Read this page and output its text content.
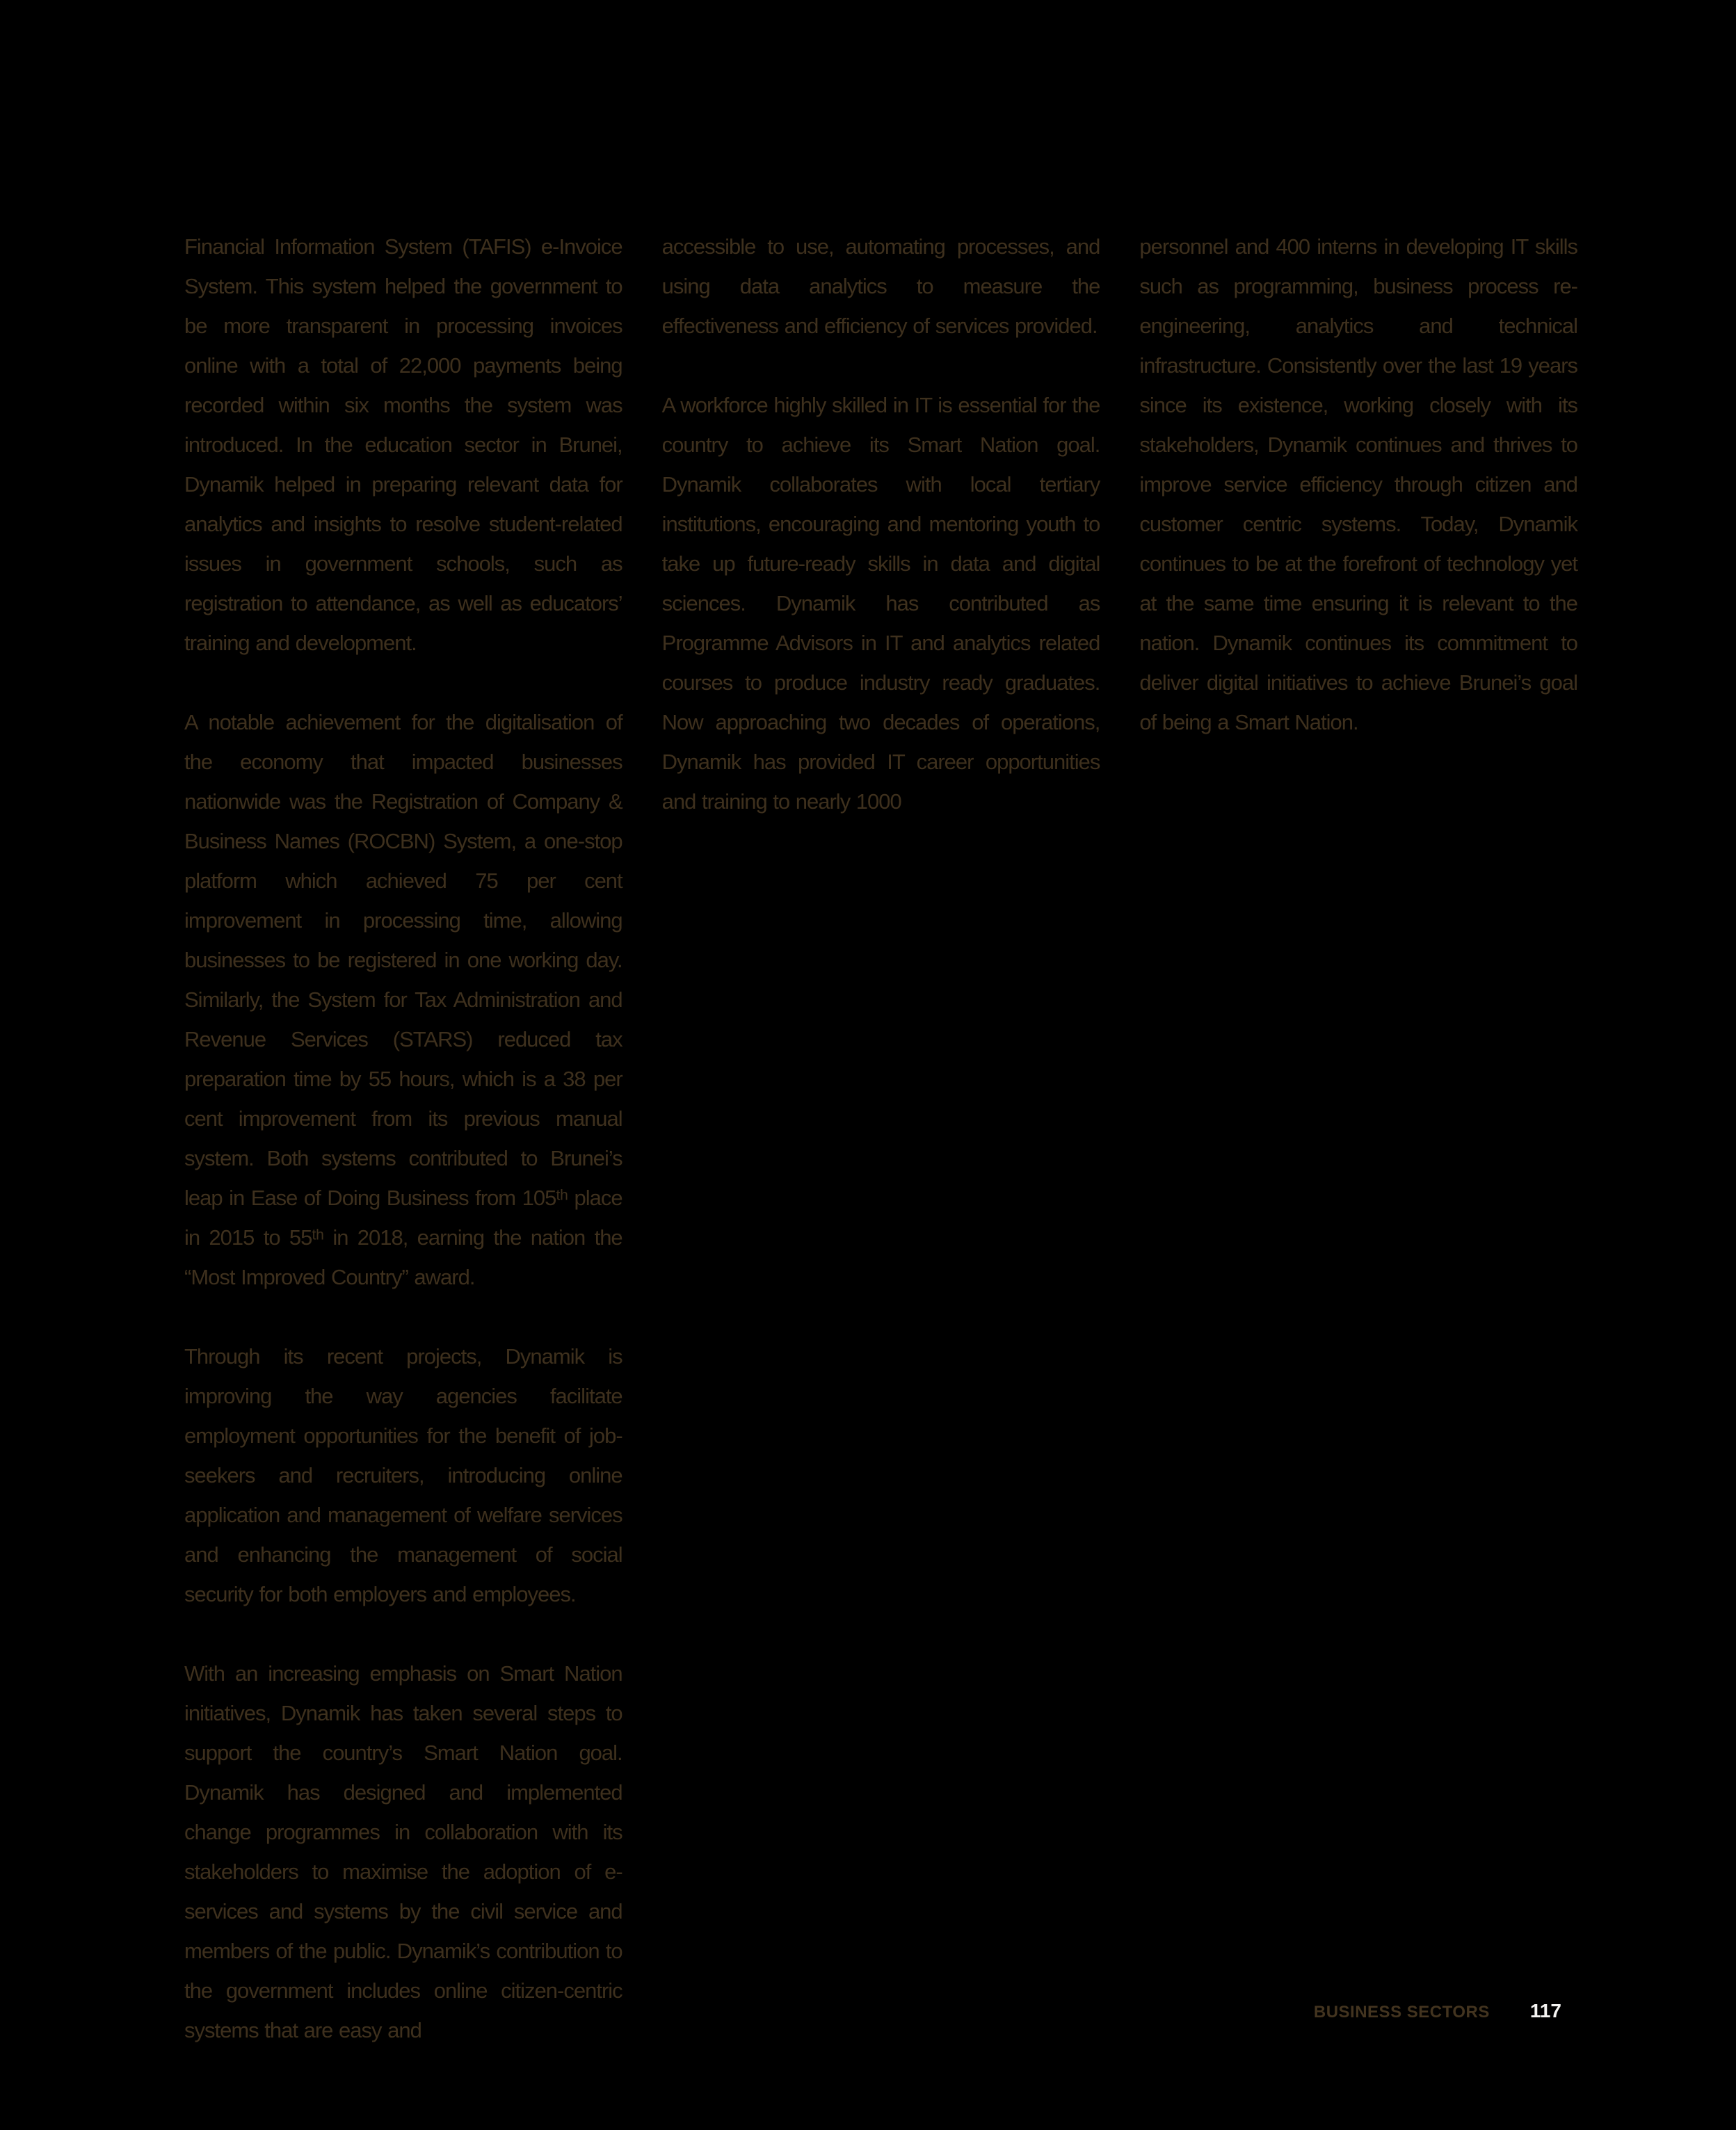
Financial Information System (TAFIS) e-Invoice System. This system helped the government to be more transparent in processing invoices online with a total of 22,000 payments being recorded within six months the system was introduced. In the education sector in Brunei, Dynamik helped in preparing relevant data for analytics and insights to resolve student-related issues in government schools, such as registration to attendance, as well as educators’ training and development.

A notable achievement for the digitalisation of the economy that impacted businesses nationwide was the Registration of Company & Business Names (ROCBN) System, a one-stop platform which achieved 75 per cent improvement in processing time, allowing businesses to be registered in one working day. Similarly, the System for Tax Administration and Revenue Services (STARS) reduced tax preparation time by 55 hours, which is a 38 per cent improvement from its previous manual system. Both systems contributed to Brunei’s leap in Ease of Doing Business from 105ᵗʰ place in 2015 to 55ᵗʰ in 2018, earning the nation the “Most Improved Country” award.

Through its recent projects, Dynamik is improving the way agencies facilitate employment opportunities for the benefit of job-seekers and recruiters, introducing online application and management of welfare services and enhancing the management of social security for both employers and employees.

With an increasing emphasis on Smart Nation initiatives, Dynamik has taken several steps to support the country’s Smart Nation goal. Dynamik has designed and implemented change programmes in collaboration with its stakeholders to maximise the adoption of e-services and systems by the civil service and members of the public. Dynamik’s contribution to the government includes online citizen-centric systems that are easy and

accessible to use, automating processes, and using data analytics to measure the effectiveness and efficiency of services provided.

A workforce highly skilled in IT is essential for the country to achieve its Smart Nation goal. Dynamik collaborates with local tertiary institutions, encouraging and mentoring youth to take up future-ready skills in data and digital sciences. Dynamik has contributed as Programme Advisors in IT and analytics related courses to produce industry ready graduates. Now approaching two decades of operations, Dynamik has provided IT career opportunities and training to nearly 1000

personnel and 400 interns in developing IT skills such as programming, business process re-engineering, analytics and technical infrastructure. Consistently over the last 19 years since its existence, working closely with its stakeholders, Dynamik continues and thrives to improve service efficiency through citizen and customer centric systems. Today, Dynamik continues to be at the forefront of technology yet at the same time ensuring it is relevant to the nation. Dynamik continues its commitment to deliver digital initiatives to achieve Brunei’s goal of being a Smart Nation.

BUSINESS SECTORS 117
